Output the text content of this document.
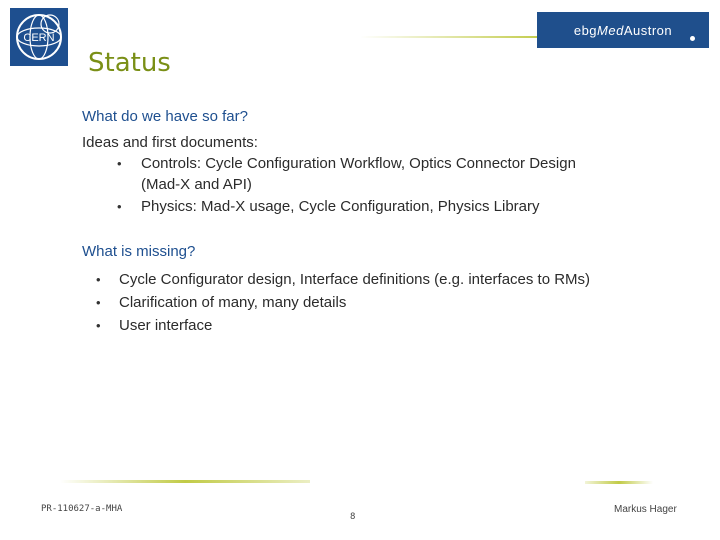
CERN
ebg Med Austron
Status
What do we have so far?
Ideas and first documents:
• Controls: Cycle Configuration Workflow, Optics Connector Design
(Mad-X and API)
• Physics: Mad-X usage, Cycle Configuration, Physics Library
What is missing?
• Cycle Configurator design, Interface definitions (e.g. interfaces to RMs)
• Clarification of many, many details
• User interface
PR-110627-a-MHA
8
Markus Hager
